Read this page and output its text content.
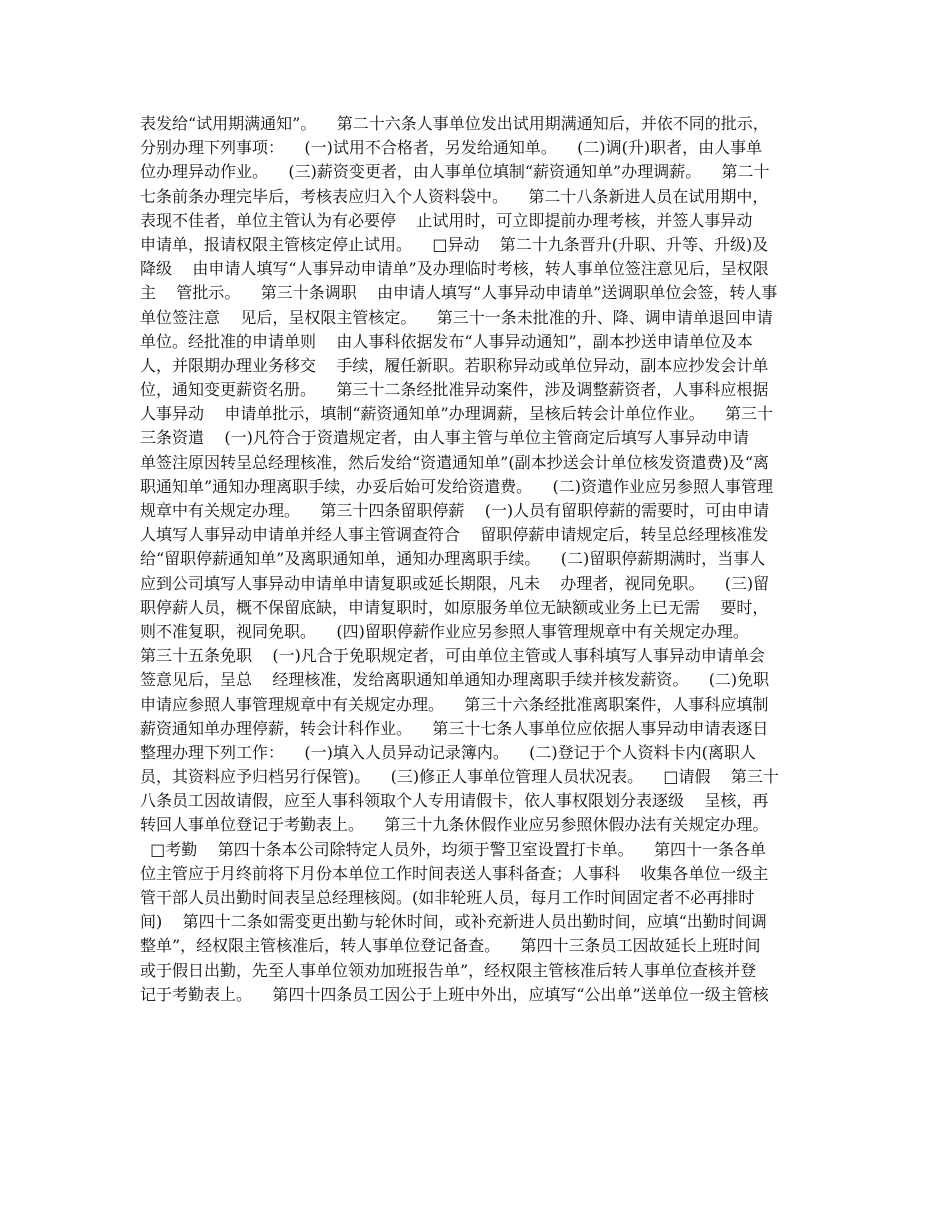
表发给“试用期满通知”。    第二十六条人事单位发出试用期满通知后，并依不同的批示，
分别办理下列事项：    (一)试用不合格者，另发给通知单。    (二)调(升)职者，由人事单
位办理异动作业。    (三)薪资变更者，由人事单位填制“薪资通知单”办理调薪。    第二十
七条前条办理完毕后，考核表应归入个人资料袋中。    第二十八条新进人员在试用期中，
表现不佳者，单位主管认为有必要停    止试用时，可立即提前办理考核，并签人事异动
申请单，报请权限主管核定停止试用。    □异动    第二十九条晋升(升职、升等、升级)及
降级    由申请人填写“人事异动申请单”及办理临时考核，转人事单位签注意见后，呈权限
主    管批示。    第三十条调职    由申请人填写“人事异动申请单”送调职单位会签，转人事
单位签注意    见后，呈权限主管核定。    第三十一条未批准的升、降、调申请单退回申请
单位。经批准的申请单则    由人事科依据发布“人事异动通知”，副本抄送申请单位及本
人，并限期办理业务移交    手续，履任新职。若职称异动或单位异动，副本应抄发会计单
位，通知变更薪资名册。    第三十二条经批准异动案件，涉及调整薪资者，人事科应根据
人事异动    申请单批示，填制“薪资通知单”办理调薪，呈核后转会计单位作业。    第三十
三条资遣    (一)凡符合于资遣规定者，由人事主管与单位主管商定后填写人事异动申请
单签注原因转呈总经理核准，然后发给“资遣通知单”(副本抄送会计单位核发资遣费)及“离
职通知单”通知办理离职手续，办妥后始可发给资遣费。    (二)资遣作业应另参照人事管理
规章中有关规定办理。    第三十四条留职停薪    (一)人员有留职停薪的需要时，可由申请
人填写人事异动申请单并经人事主管调查符合    留职停薪申请规定后，转呈总经理核准发
给“留职停薪通知单”及离职通知单，通知办理离职手续。    (二)留职停薪期满时，当事人
应到公司填写人事异动申请单申请复职或延长期限，凡未    办理者，视同免职。    (三)留
职停薪人员，概不保留底缺，申请复职时，如原服务单位无缺额或业务上已无需    要时，
则不准复职，视同免职。    (四)留职停薪作业应另参照人事管理规章中有关规定办理。
第三十五条免职    (一)凡合于免职规定者，可由单位主管或人事科填写人事异动申请单会
签意见后，呈总    经理核准，发给离职通知单通知办理离职手续并核发薪资。    (二)免职
申请应参照人事管理规章中有关规定办理。    第三十六条经批准离职案件，人事科应填制
薪资通知单办理停薪，转会计科作业。    第三十七条人事单位应依据人事异动申请表逐日
整理办理下列工作：    (一)填入人员异动记录簿内。    (二)登记于个人资料卡内(离职人
员，其资料应予归档另行保管)。    (三)修正人事单位管理人员状况表。    □请假    第三十
八条员工因故请假，应至人事科领取个人专用请假卡，依人事权限划分表逐级    呈核，再
转回人事单位登记于考勤表上。    第三十九条休假作业应另参照休假办法有关规定办理。
□考勤    第四十条本公司除特定人员外，均须于警卫室设置打卡单。    第四十一条各单
位主管应于月终前将下月份本单位工作时间表送人事科备查；人事科    收集各单位一级主
管干部人员出勤时间表呈总经理核阅。(如非轮班人员，每月工作时间固定者不必再排时
间)    第四十二条如需变更出勤与轮休时间，或补充新进人员出勤时间，应填“出勤时间调
整单”，经权限主管核准后，转人事单位登记备查。    第四十三条员工因故延长上班时间
或于假日出勤，先至人事单位领劝加班报告单”，经权限主管核准后转人事单位查核并登
记于考勤表上。    第四十四条员工因公于上班中外出，应填写“公出单”送单位一级主管核
